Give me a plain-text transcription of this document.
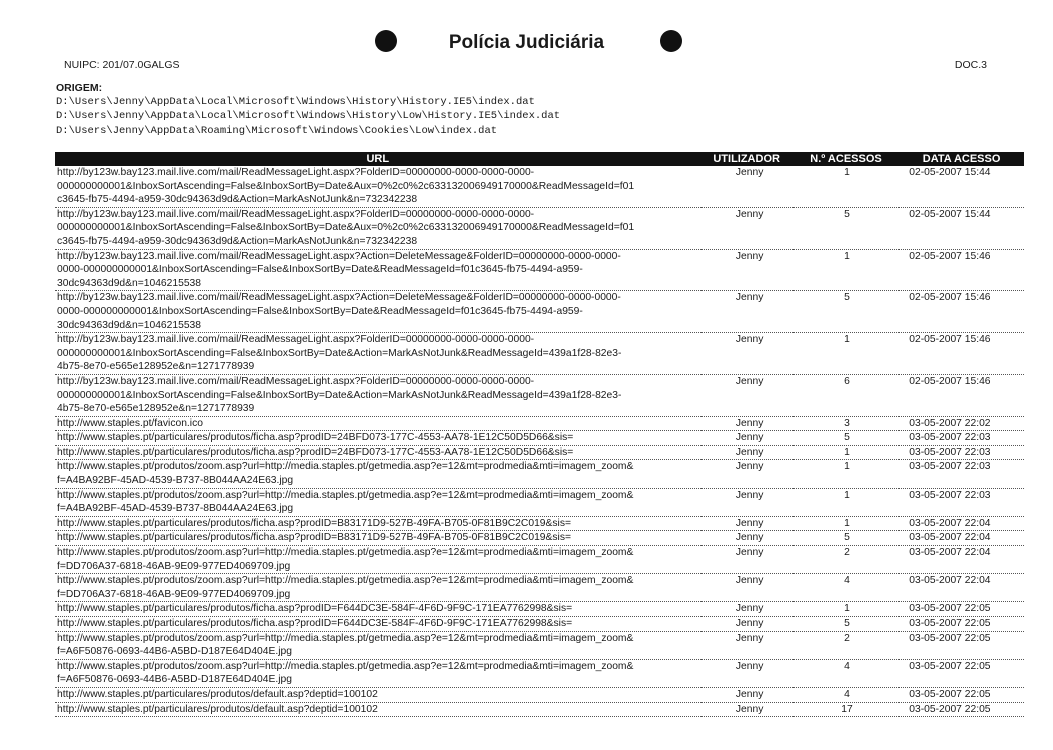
Polícia Judiciária
NUIPC: 201/07.0GALGS	DOC.3
ORIGEM:
D:\Users\Jenny\AppData\Local\Microsoft\Windows\History\History.IE5\index.dat
D:\Users\Jenny\AppData\Local\Microsoft\Windows\History\Low\History.IE5\index.dat
D:\Users\Jenny\AppData\Roaming\Microsoft\Windows\Cookies\Low\index.dat
URL	UTILIZADOR	N.º ACESSOS	DATA ACESSO
http://by123w.bay123.mail.live.com/mail/ReadMessageLight.aspx?FolderID=00000000-0000-0000-0000-
000000000001&InboxSortAscending=False&InboxSortBy=Date&Aux=0%2c0%2c633132006949170000&ReadMessageId=f01
c3645-fb75-4494-a959-30dc94363d9d&Action=MarkAsNotJunk&n=732342238	Jenny	1	02-05-2007 15:44
http://by123w.bay123.mail.live.com/mail/ReadMessageLight.aspx?FolderID=00000000-0000-0000-0000-
000000000001&InboxSortAscending=False&InboxSortBy=Date&Aux=0%2c0%2c633132006949170000&ReadMessageId=f01
c3645-fb75-4494-a959-30dc94363d9d&Action=MarkAsNotJunk&n=732342238	Jenny	5	02-05-2007 15:44
http://by123w.bay123.mail.live.com/mail/ReadMessageLight.aspx?Action=DeleteMessage&FolderID=00000000-0000-0000-
0000-000000000001&InboxSortAscending=False&InboxSortBy=Date&ReadMessageId=f01c3645-fb75-4494-a959-
30dc94363d9d&n=1046215538	Jenny	1	02-05-2007 15:46
http://by123w.bay123.mail.live.com/mail/ReadMessageLight.aspx?Action=DeleteMessage&FolderID=00000000-0000-0000-
0000-000000000001&InboxSortAscending=False&InboxSortBy=Date&ReadMessageId=f01c3645-fb75-4494-a959-
30dc94363d9d&n=1046215538	Jenny	5	02-05-2007 15:46
http://by123w.bay123.mail.live.com/mail/ReadMessageLight.aspx?FolderID=00000000-0000-0000-0000-
000000000001&InboxSortAscending=False&InboxSortBy=Date&Action=MarkAsNotJunk&ReadMessageId=439a1f28-82e3-
4b75-8e70-e565e128952e&n=1271778939	Jenny	1	02-05-2007 15:46
http://by123w.bay123.mail.live.com/mail/ReadMessageLight.aspx?FolderID=00000000-0000-0000-0000-
000000000001&InboxSortAscending=False&InboxSortBy=Date&Action=MarkAsNotJunk&ReadMessageId=439a1f28-82e3-
4b75-8e70-e565e128952e&n=1271778939	Jenny	6	02-05-2007 15:46
http://www.staples.pt/favicon.ico	Jenny	3	03-05-2007 22:02
http://www.staples.pt/particulares/produtos/ficha.asp?prodID=24BFD073-177C-4553-AA78-1E12C50D5D66&sis=	Jenny	5	03-05-2007 22:03
http://www.staples.pt/particulares/produtos/ficha.asp?prodID=24BFD073-177C-4553-AA78-1E12C50D5D66&sis=	Jenny	1	03-05-2007 22:03
http://www.staples.pt/produtos/zoom.asp?url=http://media.staples.pt/getmedia.asp?e=12&mt=prodmedia&mti=imagem_zoom&
f=A4BA92BF-45AD-4539-B737-8B044AA24E63.jpg	Jenny	1	03-05-2007 22:03
http://www.staples.pt/produtos/zoom.asp?url=http://media.staples.pt/getmedia.asp?e=12&mt=prodmedia&mti=imagem_zoom&
f=A4BA92BF-45AD-4539-B737-8B044AA24E63.jpg	Jenny	1	03-05-2007 22:03
http://www.staples.pt/particulares/produtos/ficha.asp?prodID=B83171D9-527B-49FA-B705-0F81B9C2C019&sis=	Jenny	1	03-05-2007 22:04
http://www.staples.pt/particulares/produtos/ficha.asp?prodID=B83171D9-527B-49FA-B705-0F81B9C2C019&sis=	Jenny	5	03-05-2007 22:04
http://www.staples.pt/produtos/zoom.asp?url=http://media.staples.pt/getmedia.asp?e=12&mt=prodmedia&mti=imagem_zoom&
f=DD706A37-6818-46AB-9E09-977ED4069709.jpg	Jenny	2	03-05-2007 22:04
http://www.staples.pt/produtos/zoom.asp?url=http://media.staples.pt/getmedia.asp?e=12&mt=prodmedia&mti=imagem_zoom&
f=DD706A37-6818-46AB-9E09-977ED4069709.jpg	Jenny	4	03-05-2007 22:04
http://www.staples.pt/particulares/produtos/ficha.asp?prodID=F644DC3E-584F-4F6D-9F9C-171EA7762998&sis=	Jenny	1	03-05-2007 22:05
http://www.staples.pt/particulares/produtos/ficha.asp?prodID=F644DC3E-584F-4F6D-9F9C-171EA7762998&sis=	Jenny	5	03-05-2007 22:05
http://www.staples.pt/produtos/zoom.asp?url=http://media.staples.pt/getmedia.asp?e=12&mt=prodmedia&mti=imagem_zoom&
f=A6F50876-0693-44B6-A5BD-D187E64D404E.jpg	Jenny	2	03-05-2007 22:05
http://www.staples.pt/produtos/zoom.asp?url=http://media.staples.pt/getmedia.asp?e=12&mt=prodmedia&mti=imagem_zoom&
f=A6F50876-0693-44B6-A5BD-D187E64D404E.jpg	Jenny	4	03-05-2007 22:05
http://www.staples.pt/particulares/produtos/default.asp?deptid=100102	Jenny	4	03-05-2007 22:05
http://www.staples.pt/particulares/produtos/default.asp?deptid=100102	Jenny	17	03-05-2007 22:05
